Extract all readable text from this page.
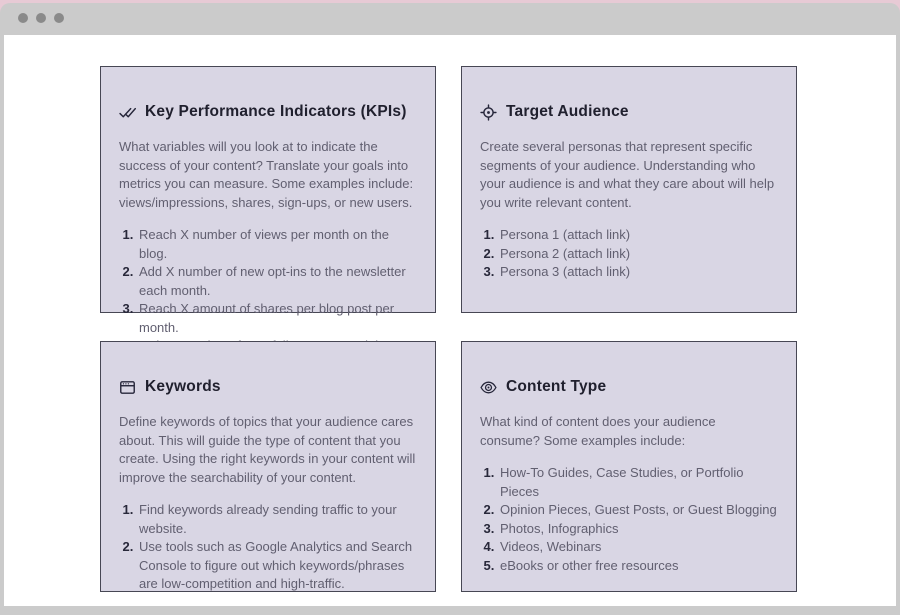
Key Performance Indicators (KPIs)

What variables will you look at to indicate the success of your content? Translate your goals into metrics you can measure. Some examples include: views/impressions, shares, sign-ups, or new users.

1. Reach X number of views per month on the blog.
2. Add X number of new opt-ins to the newsletter each month.
3. Reach X amount of shares per blog post per month.
4.
Target Audience

Create several personas that represent specific segments of your audience. Understanding who your audience is and what they care about will help you write relevant content.

1. Persona 1 (attach link)
2. Persona 2 (attach link)
3. Persona 3 (attach link)
Keywords

Define keywords of topics that your audience cares about. This will guide the type of content that you create. Using the right keywords in your content will improve the searchability of your content.

1. Find keywords already sending traffic to your website.
2. Use tools such as Google Analytics and Search Console to figure out which keywords/phrases are low-competition and high-traffic.
Content Type

What kind of content does your audience consume? Some examples include:

1. How-To Guides, Case Studies, or Portfolio Pieces
2. Opinion Pieces, Guest Posts, or Guest Blogging
3. Photos, Infographics
4. Videos, Webinars
5. eBooks or other free resources
